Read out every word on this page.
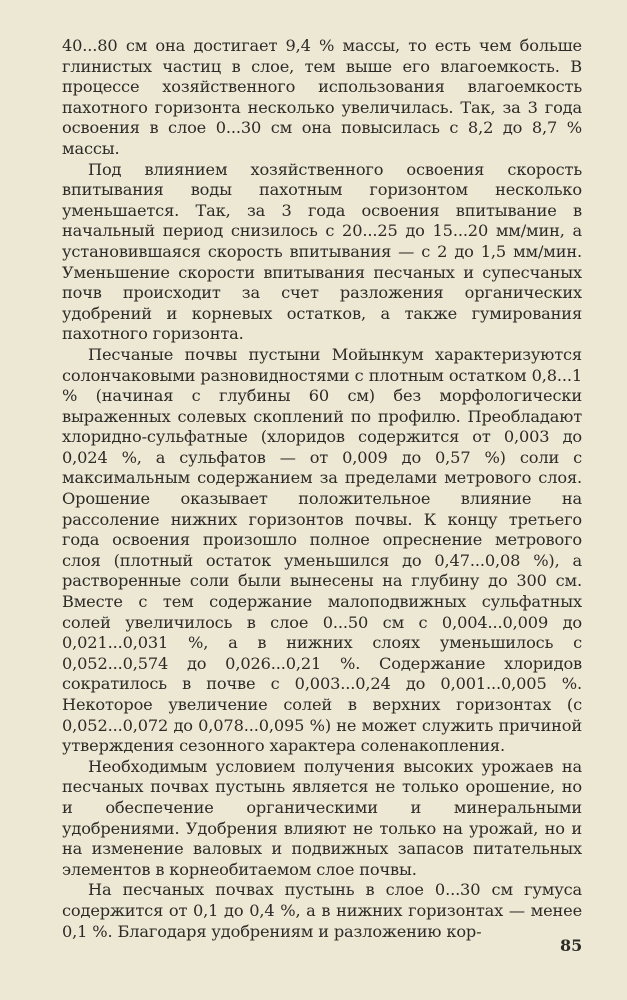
40...80 см она достигает 9,4 % массы, то есть чем больше глинистых частиц в слое, тем выше его влагоемкость. В процессе хозяйственного использования влагоемкость пахотного горизонта несколько увеличилась. Так, за 3 года освоения в слое 0...30 см она повысилась с 8,2 до 8,7 % массы.

Под влиянием хозяйственного освоения скорость впитывания воды пахотным горизонтом несколько уменьшается. Так, за 3 года освоения впитывание в начальный период снизилось с 20...25 до 15...20 мм/мин, а установившаяся скорость впитывания — с 2 до 1,5 мм/мин. Уменьшение скорости впитывания песчаных и супесчаных почв происходит за счет разложения органических удобрений и корневых остатков, а также гумирования пахотного горизонта.

Песчаные почвы пустыни Мойынкум характеризуются солончаковыми разновидностями с плотным остатком 0,8...1 % (начиная с глубины 60 см) без морфологически выраженных солевых скоплений по профилю. Преобладают хлоридно-сульфатные (хлоридов содержится от 0,003 до 0,024 %, а сульфатов — от 0,009 до 0,57 %) соли с максимальным содержанием за пределами метрового слоя. Орошение оказывает положительное влияние на рассоление нижних горизонтов почвы. К концу третьего года освоения произошло полное опреснение метрового слоя (плотный остаток уменьшился до 0,47...0,08 %), а растворенные соли были вынесены на глубину до 300 см. Вместе с тем содержание малоподвижных сульфатных солей увеличилось в слое 0...50 см с 0,004...0,009 до 0,021...0,031 %, а в нижних слоях уменьшилось с 0,052...0,574 до 0,026...0,21 %. Содержание хлоридов сократилось в почве с 0,003...0,24 до 0,001...0,005 %. Некоторое увеличение солей в верхних горизонтах (с 0,052...0,072 до 0,078...0,095 %) не может служить причиной утверждения сезонного характера соленакопления.

Необходимым условием получения высоких урожаев на песчаных почвах пустынь является не только орошение, но и обеспечение органическими и минеральными удобрениями. Удобрения влияют не только на урожай, но и на изменение валовых и подвижных запасов питательных элементов в корнеобитаемом слое почвы.

На песчаных почвах пустынь в слое 0...30 см гумуса содержится от 0,1 до 0,4 %, а в нижних горизонтах — менее 0,1 %. Благодаря удобрениям и разложению кор-

85
